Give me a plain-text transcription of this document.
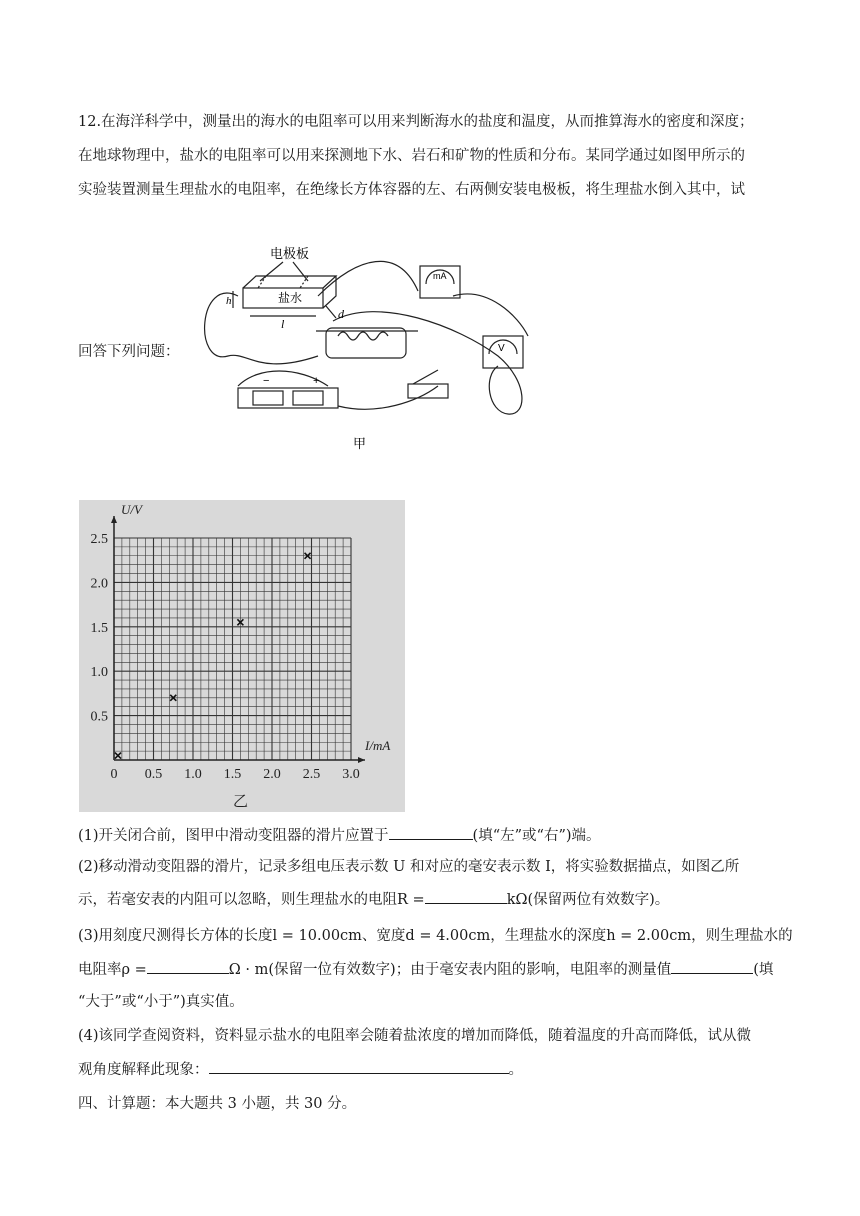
12.在海洋科学中，测量出的海水的电阻率可以用来判断海水的盐度和温度，从而推算海水的密度和深度；
在地球物理中，盐水的电阻率可以用来探测地下水、岩石和矿物的性质和分布。某同学通过如图甲所示的
实验装置测量生理盐水的电阻率，在绝缘长方体容器的左、右两侧安装电极板，将生理盐水倒入其中，试
回答下列问题：
电极板
盐水
h
l
d
mA
V
−	+
甲
0 0.5 1.0 1.5 2.0 2.5 3.0
0.5
1.0
1.5
2.0
2.5
U/V
I/mA
乙
(1)开关闭合前，图甲中滑动变阻器的滑片应置于	(填“左”或“右”)端。
(2)移动滑动变阻器的滑片，记录多组电压表示数 U 和对应的毫安表示数 I，将实验数据描点，如图乙所
示，若毫安表的内阻可以忽略，则生理盐水的电阻R =	kΩ(保留两位有效数字)。
(3)用刻度尺测得长方体的长度l = 10.00cm、宽度d = 4.00cm，生理盐水的深度h = 2.00cm，则生理盐水的
电阻率ρ =	Ω · m(保留一位有效数字)；由于毫安表内阻的影响，电阻率的测量值	(填
“大于”或“小于”)真实值。
(4)该同学查阅资料，资料显示盐水的电阻率会随着盐浓度的增加而降低，随着温度的升高而降低，试从微
观角度解释此现象：	。
四、计算题：本大题共 3 小题，共 30 分。
